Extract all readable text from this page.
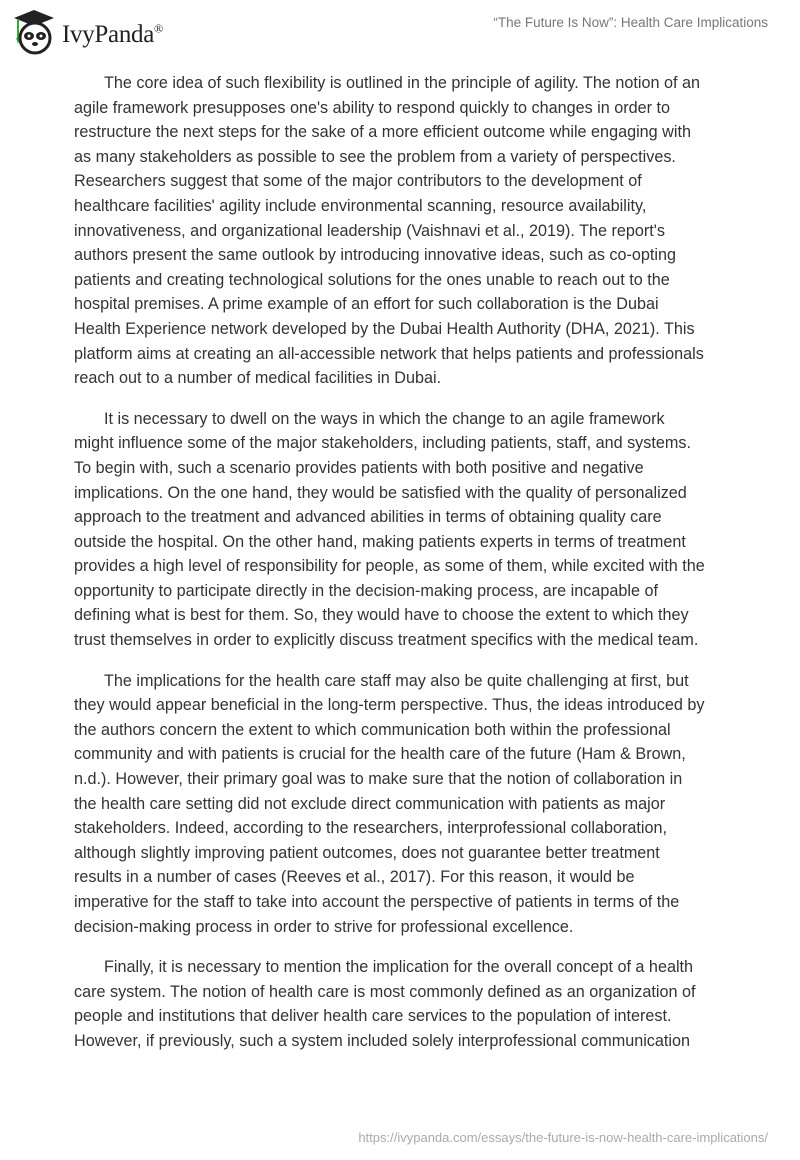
IvyPanda®	“The Future Is Now”: Health Care Implications

The core idea of such flexibility is outlined in the principle of agility. The notion of an
agile framework presupposes one's ability to respond quickly to changes in order to
restructure the next steps for the sake of a more efficient outcome while engaging with
as many stakeholders as possible to see the problem from a variety of perspectives.
Researchers suggest that some of the major contributors to the development of
healthcare facilities' agility include environmental scanning, resource availability,
innovativeness, and organizational leadership (Vaishnavi et al., 2019). The report's
authors present the same outlook by introducing innovative ideas, such as co-opting
patients and creating technological solutions for the ones unable to reach out to the
hospital premises. A prime example of an effort for such collaboration is the Dubai
Health Experience network developed by the Dubai Health Authority (DHA, 2021). This
platform aims at creating an all-accessible network that helps patients and professionals
reach out to a number of medical facilities in Dubai.

It is necessary to dwell on the ways in which the change to an agile framework
might influence some of the major stakeholders, including patients, staff, and systems.
To begin with, such a scenario provides patients with both positive and negative
implications. On the one hand, they would be satisfied with the quality of personalized
approach to the treatment and advanced abilities in terms of obtaining quality care
outside the hospital. On the other hand, making patients experts in terms of treatment
provides a high level of responsibility for people, as some of them, while excited with the
opportunity to participate directly in the decision-making process, are incapable of
defining what is best for them. So, they would have to choose the extent to which they
trust themselves in order to explicitly discuss treatment specifics with the medical team.

The implications for the health care staff may also be quite challenging at first, but
they would appear beneficial in the long-term perspective. Thus, the ideas introduced by
the authors concern the extent to which communication both within the professional
community and with patients is crucial for the health care of the future (Ham & Brown,
n.d.). However, their primary goal was to make sure that the notion of collaboration in
the health care setting did not exclude direct communication with patients as major
stakeholders. Indeed, according to the researchers, interprofessional collaboration,
although slightly improving patient outcomes, does not guarantee better treatment
results in a number of cases (Reeves et al., 2017). For this reason, it would be
imperative for the staff to take into account the perspective of patients in terms of the
decision-making process in order to strive for professional excellence.

Finally, it is necessary to mention the implication for the overall concept of a health
care system. The notion of health care is most commonly defined as an organization of
people and institutions that deliver health care services to the population of interest.
However, if previously, such a system included solely interprofessional communication

https://ivypanda.com/essays/the-future-is-now-health-care-implications/
